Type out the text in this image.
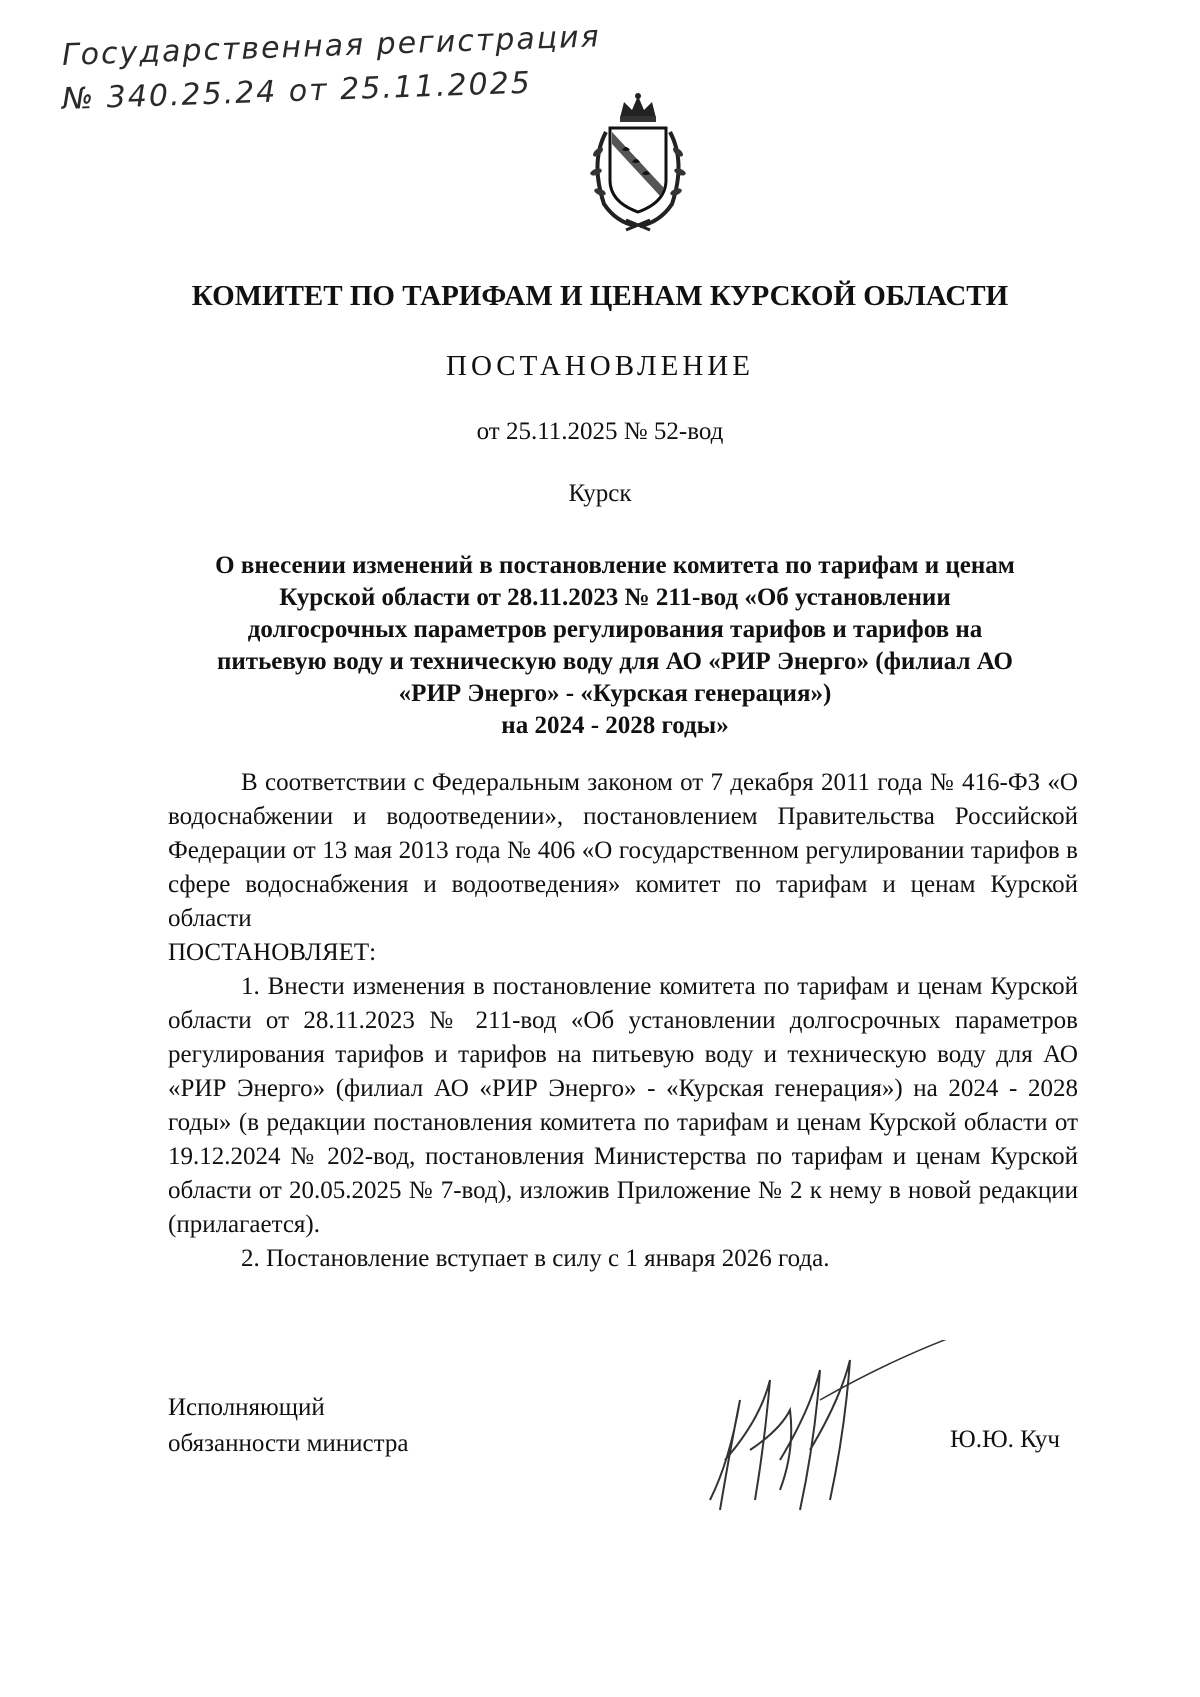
Государственная регистрация
№ 340.25.24 от 25.11.2025
КОМИТЕТ ПО ТАРИФАМ И ЦЕНАМ КУРСКОЙ ОБЛАСТИ
ПОСТАНОВЛЕНИЕ
от 25.11.2025 № 52-вод
Курск
О внесении изменений в постановление комитета по тарифам и ценам
Курской области от 28.11.2023 № 211-вод «Об установлении
долгосрочных параметров регулирования тарифов и тарифов на
питьевую воду и техническую воду для АО «РИР Энерго» (филиал АО
«РИР Энерго» - «Курская генерация»)
на 2024 - 2028 годы»

В соответствии с Федеральным законом от 7 декабря 2011 года № 416-ФЗ «О водоснабжении и водоотведении», постановлением Правительства Российской Федерации от 13 мая 2013 года № 406 «О государственном регулировании тарифов в сфере водоснабжения и водоотведения» комитет по тарифам и ценам Курской области

ПОСТАНОВЛЯЕТ:

1. Внести изменения в постановление комитета по тарифам и ценам Курской области от 28.11.2023 № 211-вод «Об установлении долгосрочных параметров регулирования тарифов и тарифов на питьевую воду и техническую воду для АО «РИР Энерго» (филиал АО «РИР Энерго» - «Курская генерация») на 2024 - 2028 годы» (в редакции постановления комитета по тарифам и ценам Курской области от 19.12.2024 № 202-вод, постановления Министерства по тарифам и ценам Курской области от 20.05.2025 № 7-вод), изложив Приложение № 2 к нему в новой редакции (прилагается).

2. Постановление вступает в силу с 1 января 2026 года.

Исполняющий
обязанности министра	Ю.Ю. Куч
